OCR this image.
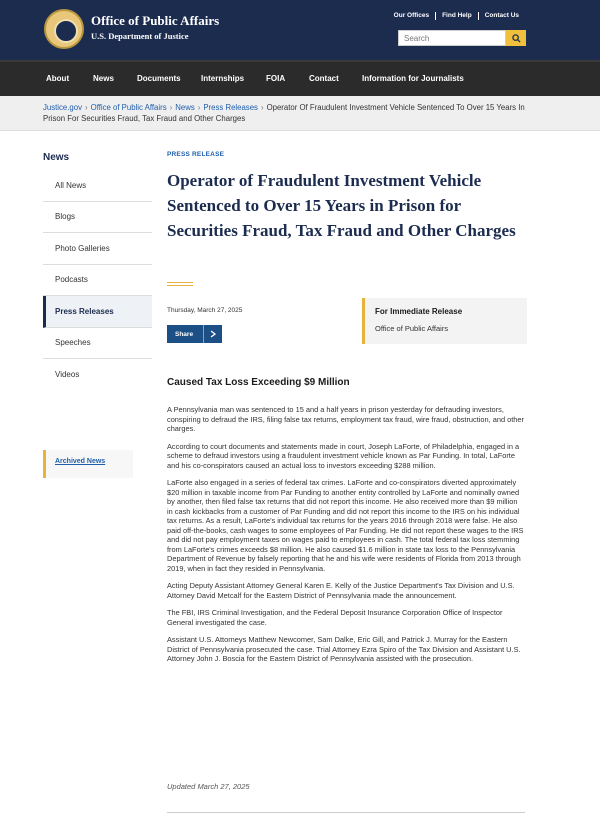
Office of Public Affairs
U.S. Department of Justice
Our Offices	Find Help	Contact Us
Search
About	News	Documents	Internships	FOIA	Contact	Information for Journalists
Justice.gov › Office of Public Affairs › News › Press Releases › Operator Of Fraudulent Investment Vehicle Sentenced To Over 15 Years In Prison For Securities Fraud, Tax Fraud and Other Charges
News
All News
Blogs
Photo Galleries
Podcasts
Press Releases
Speeches
Videos
Archived News
PRESS RELEASE
Operator of Fraudulent Investment Vehicle Sentenced to Over 15 Years in Prison for Securities Fraud, Tax Fraud and Other Charges
Thursday, March 27, 2025
Share
For Immediate Release
Office of Public Affairs
Caused Tax Loss Exceeding $9 Million

A Pennsylvania man was sentenced to 15 and a half years in prison yesterday for defrauding investors, conspiring to defraud the IRS, filing false tax returns, employment tax fraud, wire fraud, obstruction, and other charges.

According to court documents and statements made in court, Joseph LaForte, of Philadelphia, engaged in a scheme to defraud investors using a fraudulent investment vehicle known as Par Funding. In total, LaForte and his co-conspirators caused an actual loss to investors exceeding $288 million.

LaForte also engaged in a series of federal tax crimes. LaForte and co-conspirators diverted approximately $20 million in taxable income from Par Funding to another entity controlled by LaForte and nominally owned by another, then filed false tax returns that did not report this income. He also received more than $9 million in cash kickbacks from a customer of Par Funding and did not report this income to the IRS on his individual tax returns. As a result, LaForte's individual tax returns for the years 2016 through 2018 were false. He also paid off-the-books, cash wages to some employees of Par Funding. He did not report these wages to the IRS and did not pay employment taxes on wages paid to employees in cash. The total federal tax loss stemming from LaForte's crimes exceeds $8 million. He also caused $1.6 million in state tax loss to the Pennsylvania Department of Revenue by falsely reporting that he and his wife were residents of Florida from 2013 through 2019, when in fact they resided in Pennsylvania.

Acting Deputy Assistant Attorney General Karen E. Kelly of the Justice Department's Tax Division and U.S. Attorney David Metcalf for the Eastern District of Pennsylvania made the announcement.

The FBI, IRS Criminal Investigation, and the Federal Deposit Insurance Corporation Office of Inspector General investigated the case.

Assistant U.S. Attorneys Matthew Newcomer, Sam Dalke, Eric Gill, and Patrick J. Murray for the Eastern District of Pennsylvania prosecuted the case. Trial Attorney Ezra Spiro of the Tax Division and Assistant U.S. Attorney John J. Boscia for the Eastern District of Pennsylvania assisted with the prosecution.

Updated March 27, 2025
